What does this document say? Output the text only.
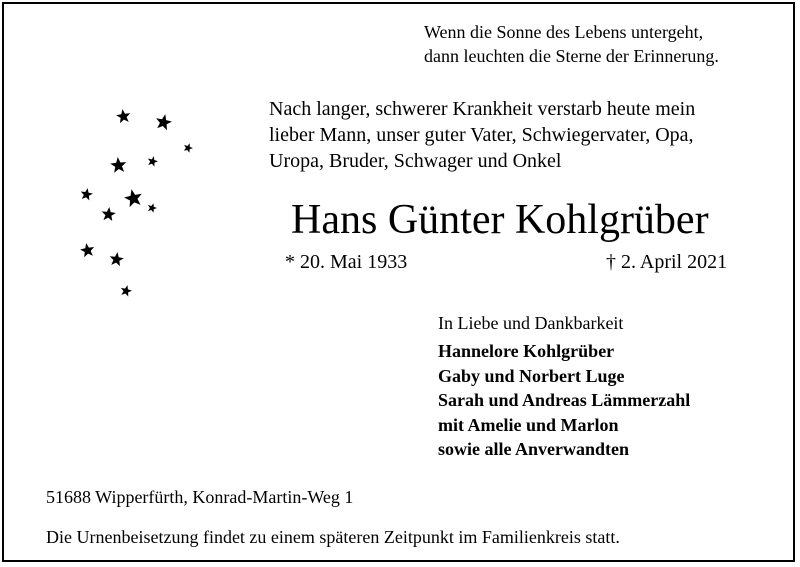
Wenn die Sonne des Lebens untergeht,
dann leuchten die Sterne der Erinnerung.
Nach langer, schwerer Krankheit verstarb heute mein
lieber Mann, unser guter Vater, Schwiegervater, Opa,
Uropa, Bruder, Schwager und Onkel
Hans Günter Kohlgrüber
* 20. Mai 1933	† 2. April 2021
In Liebe und Dankbarkeit
Hannelore Kohlgrüber
Gaby und Norbert Luge
Sarah und Andreas Lämmerzahl
mit Amelie und Marlon
sowie alle Anverwandten
51688 Wipperfürth, Konrad-Martin-Weg 1
Die Urnenbeisetzung findet zu einem späteren Zeitpunkt im Familienkreis statt.
